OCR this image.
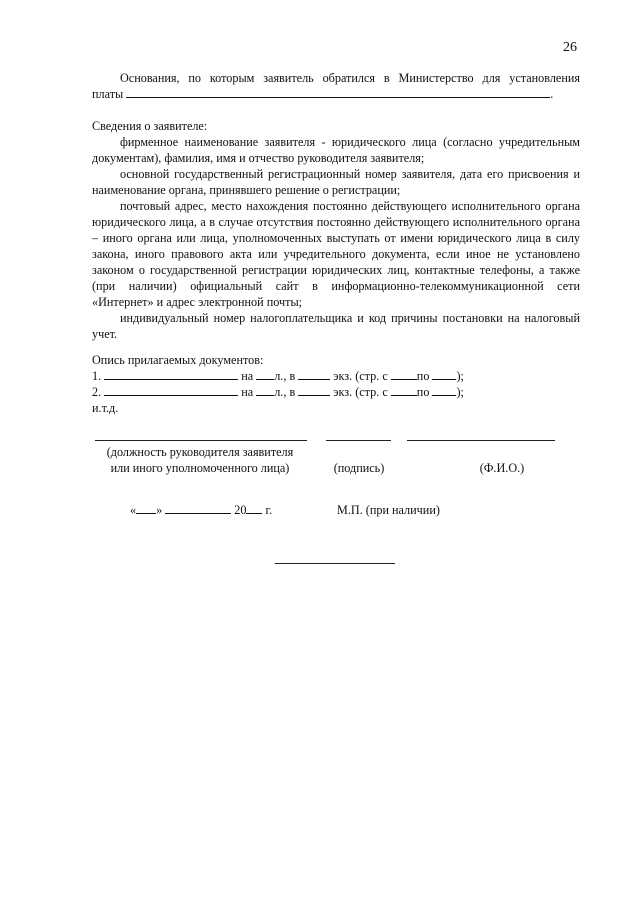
26

Основания, по которым заявитель обратился в Министерство для установления

платы	.

Сведения о заявителе:

фирменное наименование заявителя - юридического лица (согласно учредительным документам), фамилия, имя и отчество руководителя заявителя;

основной государственный регистрационный номер заявителя, дата его присвоения и наименование органа, принявшего решение о регистрации;

почтовый адрес, место нахождения постоянно действующего исполнительного органа юридического лица, а в случае отсутствия постоянно действующего исполнительного органа – иного органа или лица, уполномоченных выступать от имени юридического лица в силу закона, иного правового акта или учредительного документа, если иное не установлено законом о государственной регистрации юридических лиц, контактные телефоны, а также (при наличии) официальный сайт в информационно-телекоммуникационной сети «Интернет» и адрес электронной почты;

индивидуальный номер налогоплательщика и код причины постановки на налоговый учет.

Опись прилагаемых документов:

1.	на л., в	экз. (стр. с по );

2.	на л., в	экз. (стр. с по );

и.т.д.

(должность руководителя заявителя
или иного уполномоченного лица)	(подпись)	(Ф.И.О.)
« »	20 г.	М.П. (при наличии)
